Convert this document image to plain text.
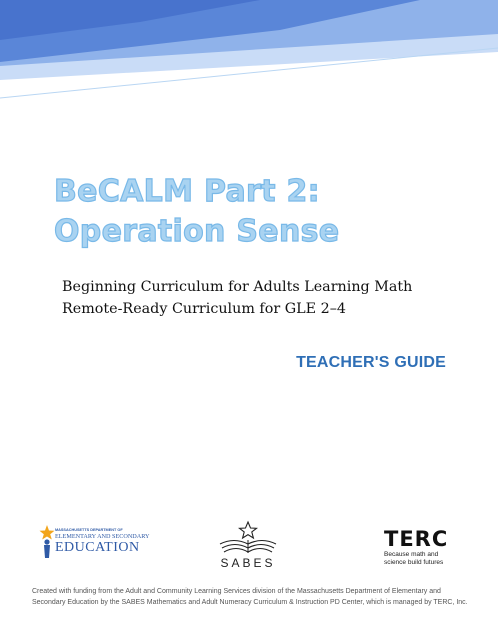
BeCALM Part 2:
Operation Sense
Beginning Curriculum for Adults Learning Math
Remote-Ready Curriculum for GLE 2–4
TEACHER'S GUIDE
MASSACHUSETTS DEPARTMENT OF
ELEMENTARY AND SECONDARY
EDUCATION
SABES
TERC
Because math and
science build futures
Created with funding from the Adult and Community Learning Services division of the Massachusetts Department of Elementary and Secondary Education by the SABES Mathematics and Adult Numeracy Curriculum & Instruction PD Center, which is managed by TERC, Inc.
